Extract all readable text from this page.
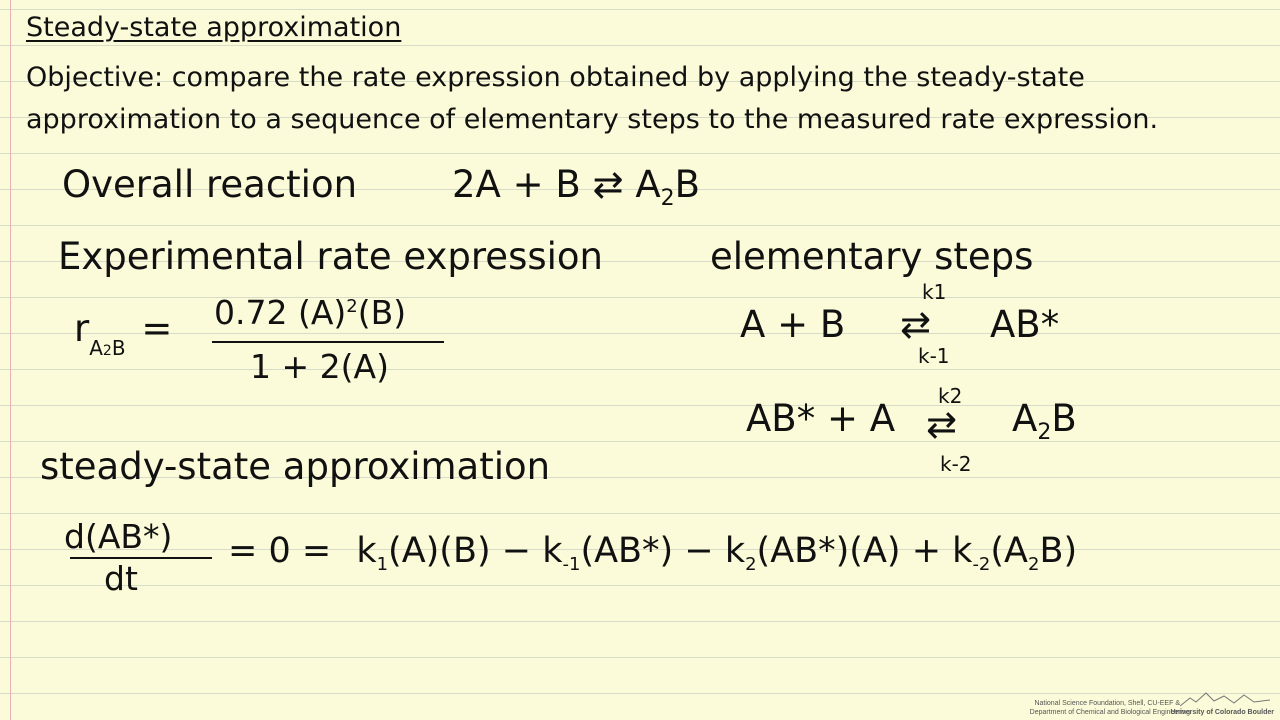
Steady-state approximation
Objective: compare the rate expression obtained by applying the steady-state
approximation to a sequence of elementary steps to the measured rate expression.
Overall reaction	2A + B ⇄ $A_2B$
Experimental rate expression
$r_{A2B} = 0.72$ $(A)^2(B)$
1 + 2(A)
elementary steps
A + B
k1
⇄
k-1
AB*
AB* + A
k2
⇄
k-2
$A_2B$
steady-state approximation
d(AB*)
dt
= $0 = k_1(A)(B) - k_{-1}(AB*) - k_2(AB*)(A) + k_{-2}(A_2B)$
National Science Foundation, Shell, CU-EEF &
Department of Chemical and Biological Engineering
University of Colorado Boulder
